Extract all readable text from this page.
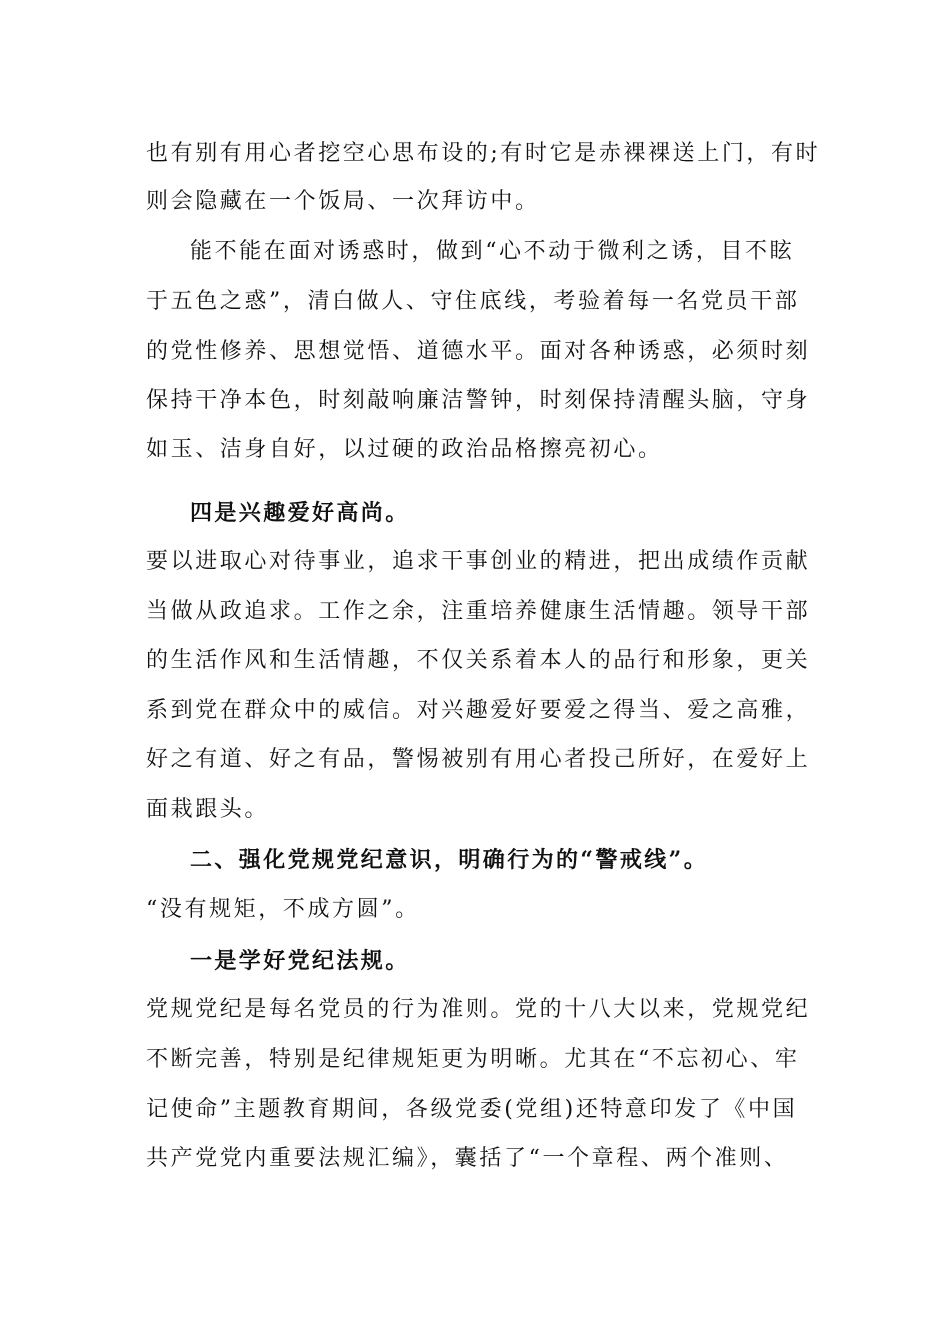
也有别有用心者挖空心思布设的;有时它是赤裸裸送上门，有时
则会隐藏在一个饭局、一次拜访中。
能不能在面对诱惑时，做到“心不动于微利之诱，目不眩
于五色之惑”，清白做人、守住底线，考验着每一名党员干部
的党性修养、思想觉悟、道德水平。面对各种诱惑，必须时刻
保持干净本色，时刻敲响廉洁警钟，时刻保持清醒头脑，守身
如玉、洁身自好，以过硬的政治品格擦亮初心。
四是兴趣爱好高尚。
要以进取心对待事业，追求干事创业的精进，把出成绩作贡献
当做从政追求。工作之余，注重培养健康生活情趣。领导干部
的生活作风和生活情趣，不仅关系着本人的品行和形象，更关
系到党在群众中的威信。对兴趣爱好要爱之得当、爱之高雅，
好之有道、好之有品，警惕被别有用心者投己所好，在爱好上
面栽跟头。
二、强化党规党纪意识，明确行为的“警戒线”。
“没有规矩，不成方圆”。
一是学好党纪法规。
党规党纪是每名党员的行为准则。党的十八大以来，党规党纪
不断完善，特别是纪律规矩更为明晰。尤其在“不忘初心、牢
记使命”主题教育期间，各级党委(党组)还特意印发了《中国
共产党党内重要法规汇编》，囊括了“一个章程、两个准则、
